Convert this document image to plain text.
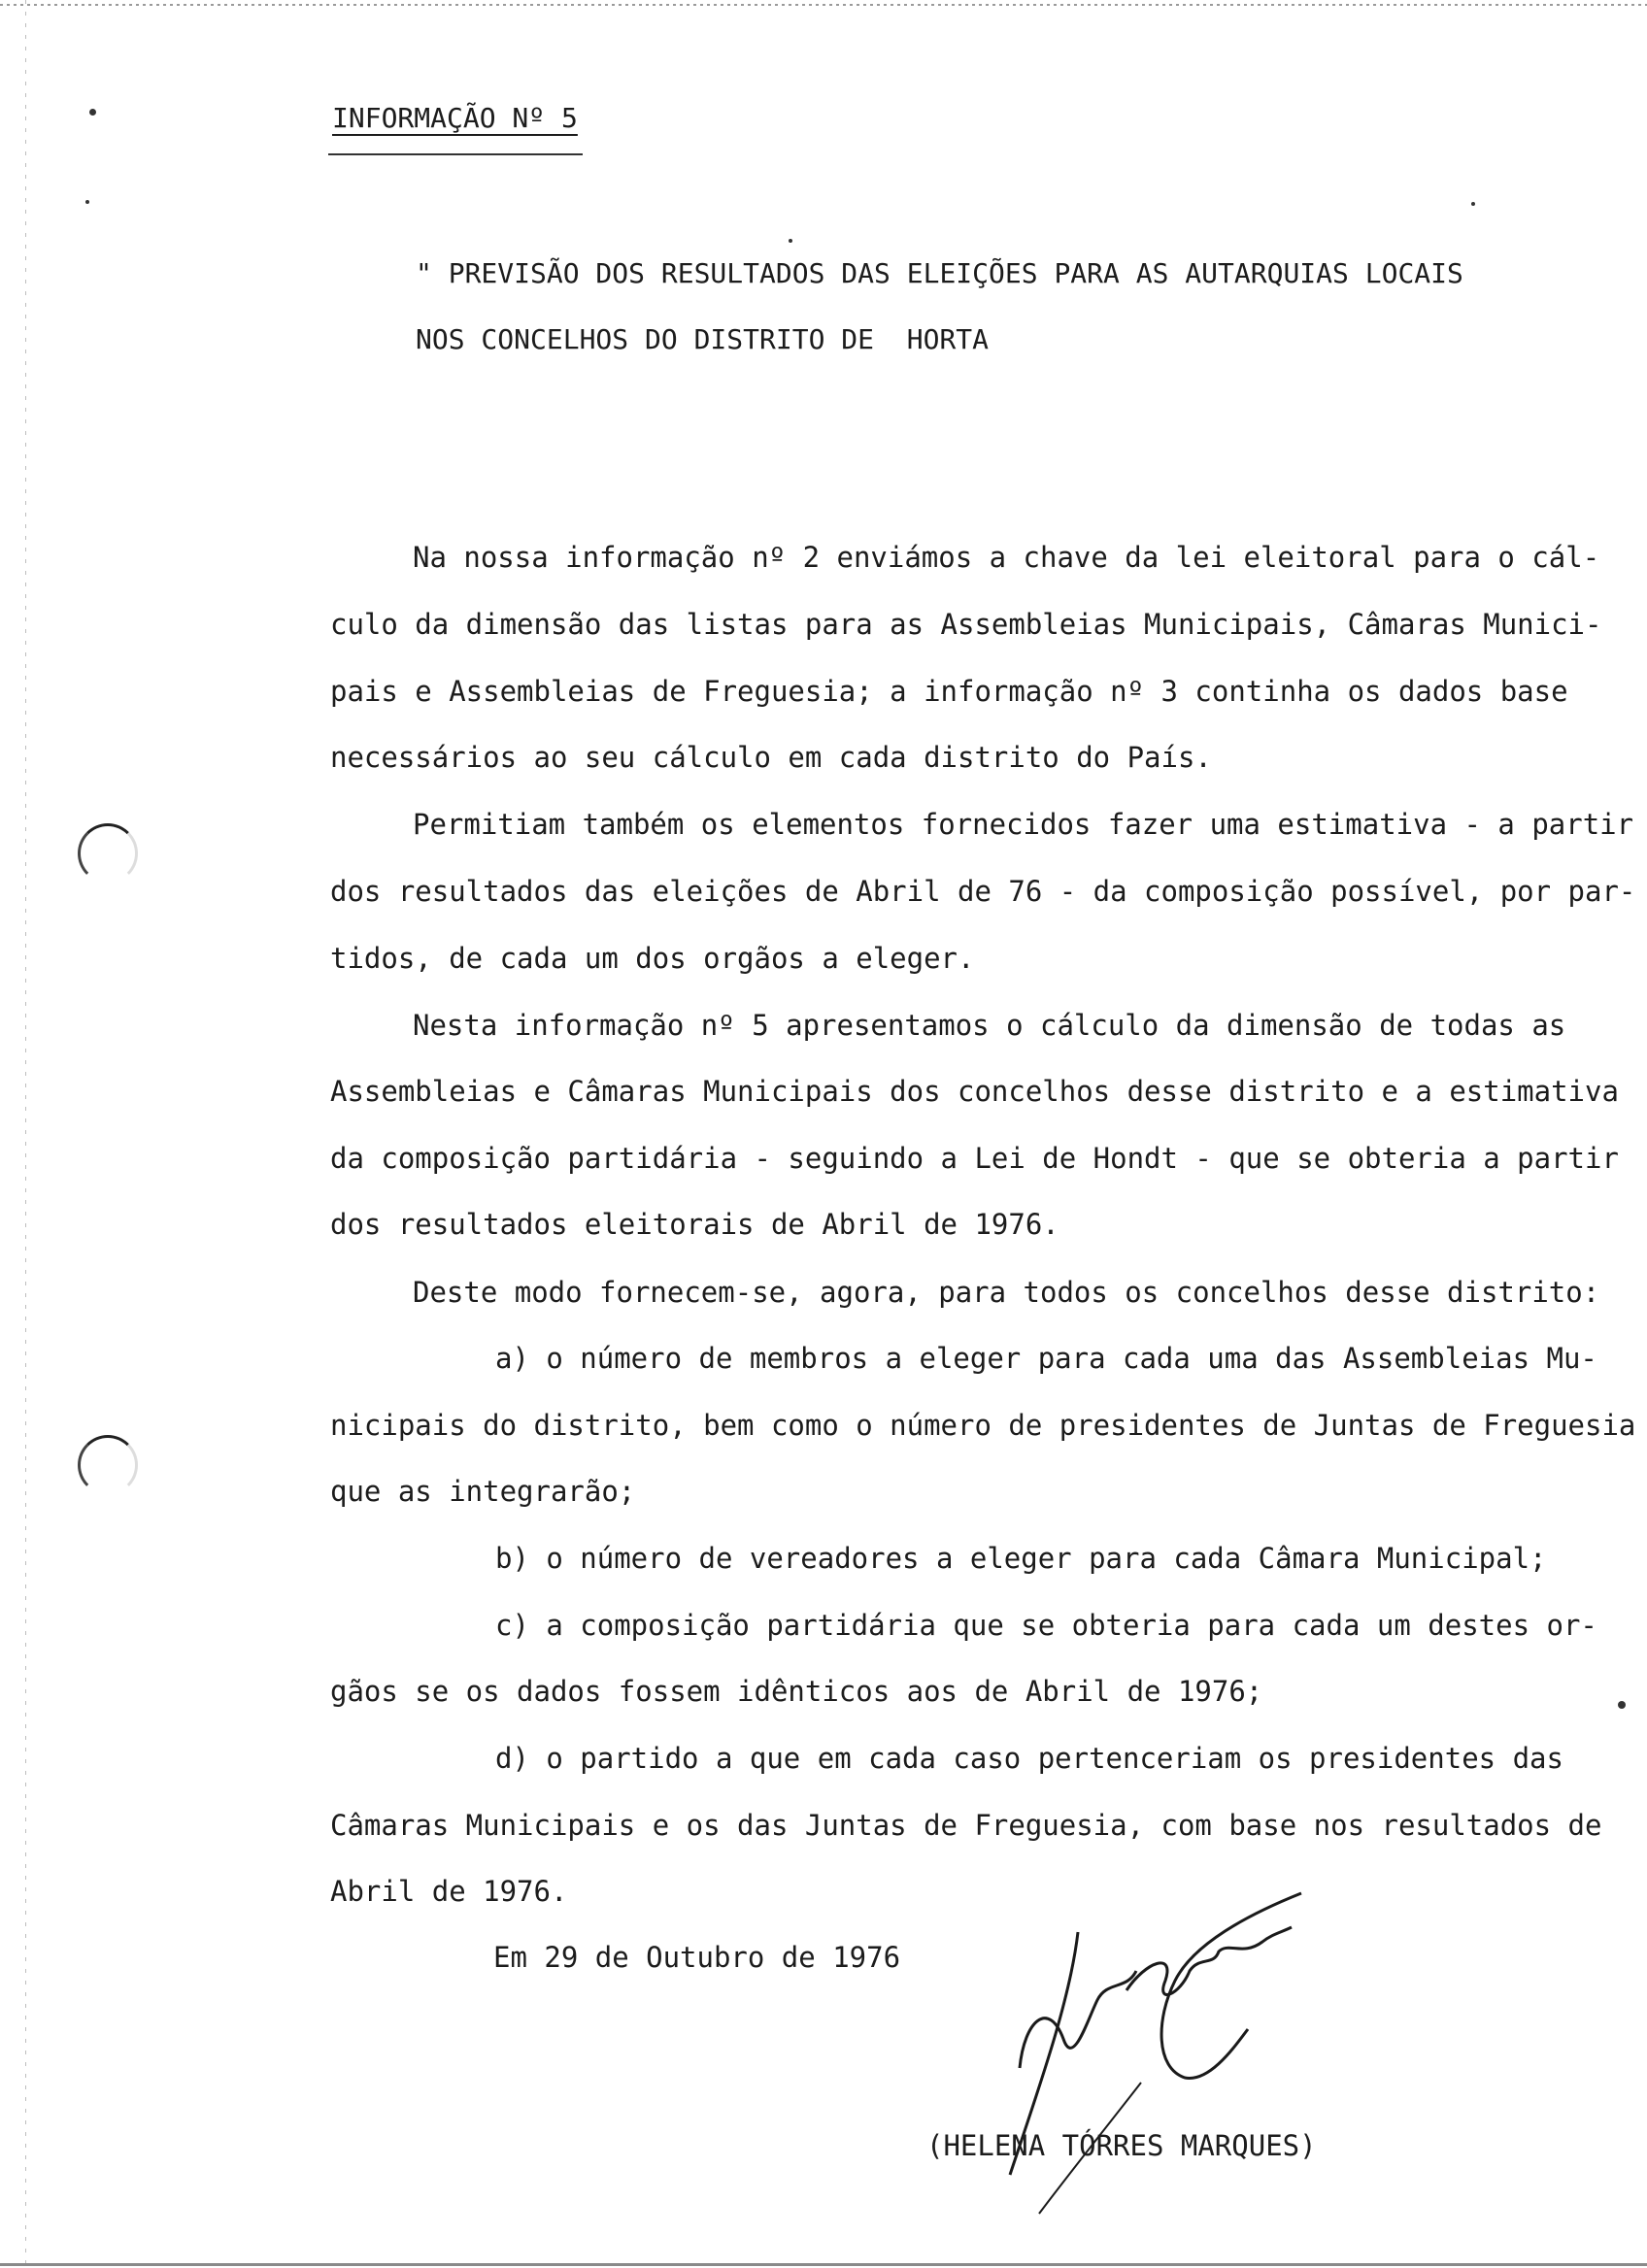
INFORMAÇÃO Nº 5
" PREVISÃO DOS RESULTADOS DAS ELEIÇÕES PARA AS AUTARQUIAS LOCAIS
NOS CONCELHOS DO DISTRITO DE  HORTA
Na nossa informação nº 2 enviámos a chave da lei eleitoral para o cál-
culo da dimensão das listas para as Assembleias Municipais, Câmaras Munici-
pais e Assembleias de Freguesia; a informação nº 3 continha os dados base
necessários ao seu cálculo em cada distrito do País.
Permitiam também os elementos fornecidos fazer uma estimativa - a partir
dos resultados das eleições de Abril de 76 - da composição possível, por par-
tidos, de cada um dos orgãos a eleger.
Nesta informação nº 5 apresentamos o cálculo da dimensão de todas as
Assembleias e Câmaras Municipais dos concelhos desse distrito e a estimativa
da composição partidária - seguindo a Lei de Hondt - que se obteria a partir
dos resultados eleitorais de Abril de 1976.
Deste modo fornecem-se, agora, para todos os concelhos desse distrito:
a) o número de membros a eleger para cada uma das Assembleias Mu-
nicipais do distrito, bem como o número de presidentes de Juntas de Freguesia
que as integrarão;
b) o número de vereadores a eleger para cada Câmara Municipal;
c) a composição partidária que se obteria para cada um destes or-
gãos se os dados fossem idênticos aos de Abril de 1976;
d) o partido a que em cada caso pertenceriam os presidentes das
Câmaras Municipais e os das Juntas de Freguesia, com base nos resultados de
Abril de 1976.
Em 29 de Outubro de 1976
(HELENA TÓRRES MARQUES)
